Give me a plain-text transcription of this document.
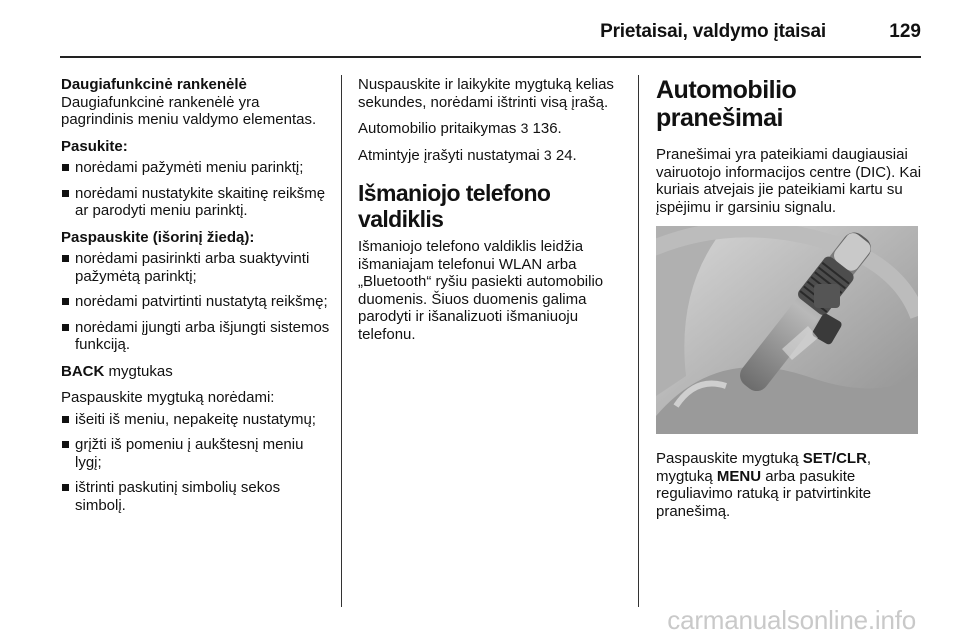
Prietaisai, valdymo įtaisai	129

Daugiafunkcinė rankenėlė

Daugiafunkcinė rankenėlė yra pagrindinis meniu valdymo elementas.

Pasukite:

norėdami pažymėti meniu parinktį;
norėdami nustatykite skaitinę reikšmę ar parodyti meniu parinktį.

Paspauskite (išorinį žiedą):

norėdami pasirinkti arba suaktyvinti pažymėtą parinktį;
norėdami patvirtinti nustatytą reikšmę;
norėdami įjungti arba išjungti sistemos funkciją.

BACK mygtukas

Paspauskite mygtuką norėdami:

išeiti iš meniu, nepakeitę nustatymų;
grįžti iš pomeniu į aukštesnį meniu lygį;
ištrinti paskutinį simbolių sekos simbolį.

Nuspauskite ir laikykite mygtuką kelias sekundes, norėdami ištrinti visą įrašą.

Automobilio pritaikymas 3 136.

Atmintyje įrašyti nustatymai 3 24.

Išmaniojo telefono valdiklis

Išmaniojo telefono valdiklis leidžia išmaniajam telefonui WLAN arba „Bluetooth“ ryšiu pasiekti automobilio duomenis. Šiuos duomenis galima parodyti ir išanalizuoti išmaniuoju telefonu.

Automobilio pranešimai

Pranešimai yra pateikiami daugiausiai vairuotojo informacijos centre (DIC). Kai kuriais atvejais jie pateikiami kartu su įspėjimu ir garsiniu signalu.

Paspauskite mygtuką SET/CLR, mygtuką MENU arba pasukite reguliavimo ratuką ir patvirtinkite pranešimą.

carmanualsonline.info
